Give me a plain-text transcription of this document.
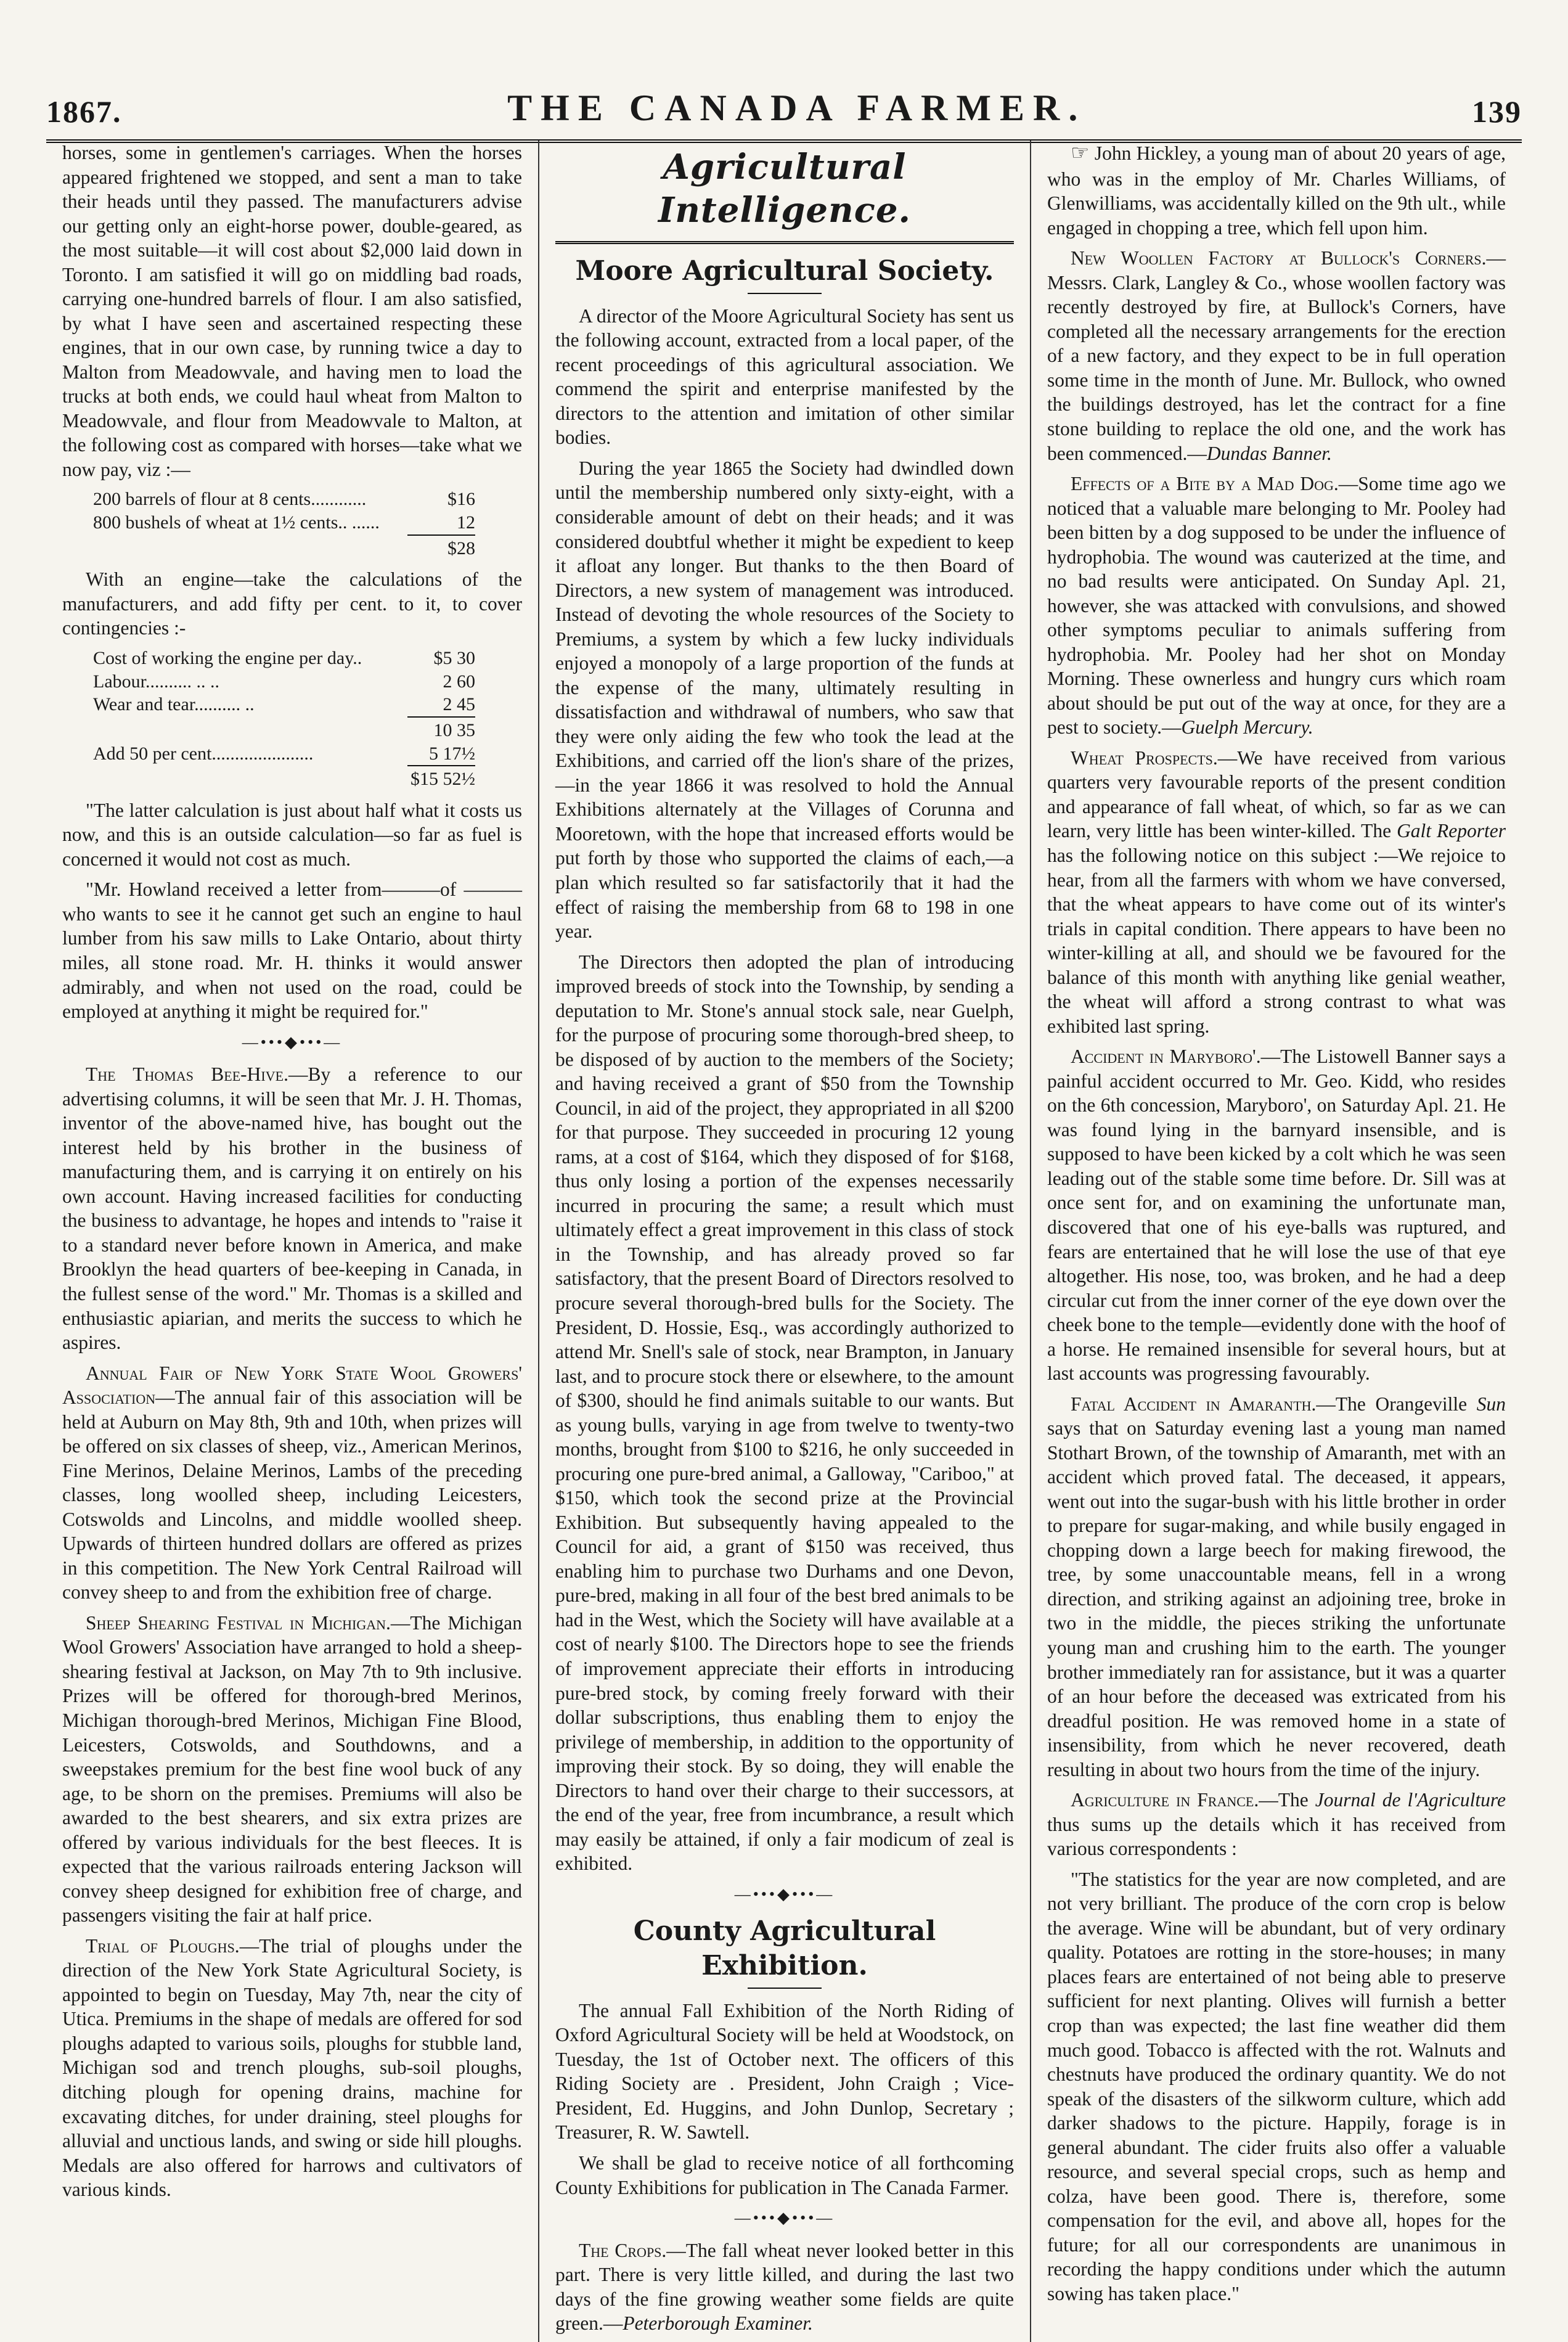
1867.	THE CANADA FARMER.	139

horses, some in gentlemen's carriages. When the horses appeared frightened we stopped, and sent a man to take their heads until they passed. The manufacturers advise our getting only an eight-horse power, double-geared, as the most suitable—it will cost about $2,000 laid down in Toronto. I am satisfied it will go on middling bad roads, carrying one-hundred barrels of flour. I am also satisfied, by what I have seen and ascertained respecting these engines, that in our own case, by running twice a day to Malton from Meadowvale, and having men to load the trucks at both ends, we could haul wheat from Malton to Meadowvale, and flour from Meadowvale to Malton, at the following cost as compared with horses—take what we now pay, viz :—

200 barrels of flour at 8 cents............	$16
800 bushels of wheat at 1½ cents.. ......	12
$28

With an engine—take the calculations of the manufacturers, and add fifty per cent. to it, to cover contingencies :-

Cost of working the engine per day..	$5 30
Labour.......... .. ..	2 60
Wear and tear.......... ..	2 45
10 35
Add 50 per cent......................	5 17½
$15 52½

"The latter calculation is just about half what it costs us now, and this is an outside calculation—so far as fuel is concerned it would not cost as much.

"Mr. Howland received a letter from———of ———who wants to see it he cannot get such an engine to haul lumber from his saw mills to Lake Ontario, about thirty miles, all stone road. Mr. H. thinks it would answer admirably, and when not used on the road, could be employed at anything it might be required for."

—•••◆•••—

The Thomas Bee-Hive.—By a reference to our advertising columns, it will be seen that Mr. J. H. Thomas, inventor of the above-named hive, has bought out the interest held by his brother in the business of manufacturing them, and is carrying it on entirely on his own account. Having increased facilities for conducting the business to advantage, he hopes and intends to "raise it to a standard never before known in America, and make Brooklyn the head quarters of bee-keeping in Canada, in the fullest sense of the word." Mr. Thomas is a skilled and enthusiastic apiarian, and merits the success to which he aspires.

Annual Fair of New York State Wool Growers' Association—The annual fair of this association will be held at Auburn on May 8th, 9th and 10th, when prizes will be offered on six classes of sheep, viz., American Merinos, Fine Merinos, Delaine Merinos, Lambs of the preceding classes, long woolled sheep, including Leicesters, Cotswolds and Lincolns, and middle woolled sheep. Upwards of thirteen hundred dollars are offered as prizes in this competition. The New York Central Railroad will convey sheep to and from the exhibition free of charge.

Sheep Shearing Festival in Michigan.—The Michigan Wool Growers' Association have arranged to hold a sheep-shearing festival at Jackson, on May 7th to 9th inclusive. Prizes will be offered for thorough-bred Merinos, Michigan thorough-bred Merinos, Michigan Fine Blood, Leicesters, Cotswolds, and Southdowns, and a sweepstakes premium for the best fine wool buck of any age, to be shorn on the premises. Premiums will also be awarded to the best shearers, and six extra prizes are offered by various individuals for the best fleeces. It is expected that the various railroads entering Jackson will convey sheep designed for exhibition free of charge, and passengers visiting the fair at half price.

Trial of Ploughs.—The trial of ploughs under the direction of the New York State Agricultural Society, is appointed to begin on Tuesday, May 7th, near the city of Utica. Premiums in the shape of medals are offered for sod ploughs adapted to various soils, ploughs for stubble land, Michigan sod and trench ploughs, sub-soil ploughs, ditching plough for opening drains, machine for excavating ditches, for under draining, steel ploughs for alluvial and unctious lands, and swing or side hill ploughs. Medals are also offered for harrows and cultivators of various kinds.

Agricultural Intelligence.
Moore Agricultural Society.

A director of the Moore Agricultural Society has sent us the following account, extracted from a local paper, of the recent proceedings of this agricultural association. We commend the spirit and enterprise manifested by the directors to the attention and imitation of other similar bodies.

During the year 1865 the Society had dwindled down until the membership numbered only sixty-eight, with a considerable amount of debt on their heads; and it was considered doubtful whether it might be expedient to keep it afloat any longer. But thanks to the then Board of Directors, a new system of management was introduced. Instead of devoting the whole resources of the Society to Premiums, a system by which a few lucky individuals enjoyed a monopoly of a large proportion of the funds at the expense of the many, ultimately resulting in dissatisfaction and withdrawal of numbers, who saw that they were only aiding the few who took the lead at the Exhibitions, and carried off the lion's share of the prizes,—in the year 1866 it was resolved to hold the Annual Exhibitions alternately at the Villages of Corunna and Mooretown, with the hope that increased efforts would be put forth by those who supported the claims of each,—a plan which resulted so far satisfactorily that it had the effect of raising the membership from 68 to 198 in one year.

The Directors then adopted the plan of introducing improved breeds of stock into the Township, by sending a deputation to Mr. Stone's annual stock sale, near Guelph, for the purpose of procuring some thorough-bred sheep, to be disposed of by auction to the members of the Society; and having received a grant of $50 from the Township Council, in aid of the project, they appropriated in all $200 for that purpose. They succeeded in procuring 12 young rams, at a cost of $164, which they disposed of for $168, thus only losing a portion of the expenses necessarily incurred in procuring the same; a result which must ultimately effect a great improvement in this class of stock in the Township, and has already proved so far satisfactory, that the present Board of Directors resolved to procure several thorough-bred bulls for the Society. The President, D. Hossie, Esq., was accordingly authorized to attend Mr. Snell's sale of stock, near Brampton, in January last, and to procure stock there or elsewhere, to the amount of $300, should he find animals suitable to our wants. But as young bulls, varying in age from twelve to twenty-two months, brought from $100 to $216, he only succeeded in procuring one pure-bred animal, a Galloway, "Cariboo," at $150, which took the second prize at the Provincial Exhibition. But subsequently having appealed to the Council for aid, a grant of $150 was received, thus enabling him to purchase two Durhams and one Devon, pure-bred, making in all four of the best bred animals to be had in the West, which the Society will have available at a cost of nearly $100. The Directors hope to see the friends of improvement appreciate their efforts in introducing pure-bred stock, by coming freely forward with their dollar subscriptions, thus enabling them to enjoy the privilege of membership, in addition to the opportunity of improving their stock. By so doing, they will enable the Directors to hand over their charge to their successors, at the end of the year, free from incumbrance, a result which may easily be attained, if only a fair modicum of zeal is exhibited.

—•••◆•••—
County Agricultural Exhibition.

The annual Fall Exhibition of the North Riding of Oxford Agricultural Society will be held at Woodstock, on Tuesday, the 1st of October next. The officers of this Riding Society are . President, John Craigh ; Vice-President, Ed. Huggins, and John Dunlop, Secretary ; Treasurer, R. W. Sawtell.

We shall be glad to receive notice of all forthcoming County Exhibitions for publication in The Canada Farmer.

—•••◆•••—

The Crops.—The fall wheat never looked better in this part. There is very little killed, and during the last two days of the fine growing weather some fields are quite green.—Peterborough Examiner.

☞ John Hickley, a young man of about 20 years of age, who was in the employ of Mr. Charles Williams, of Glenwilliams, was accidentally killed on the 9th ult., while engaged in chopping a tree, which fell upon him.

New Woollen Factory at Bullock's Corners.—Messrs. Clark, Langley & Co., whose woollen factory was recently destroyed by fire, at Bullock's Corners, have completed all the necessary arrangements for the erection of a new factory, and they expect to be in full operation some time in the month of June. Mr. Bullock, who owned the buildings destroyed, has let the contract for a fine stone building to replace the old one, and the work has been commenced.—Dundas Banner.

Effects of a Bite by a Mad Dog.—Some time ago we noticed that a valuable mare belonging to Mr. Pooley had been bitten by a dog supposed to be under the influence of hydrophobia. The wound was cauterized at the time, and no bad results were anticipated. On Sunday Apl. 21, however, she was attacked with convulsions, and showed other symptoms peculiar to animals suffering from hydrophobia. Mr. Pooley had her shot on Monday Morning. These ownerless and hungry curs which roam about should be put out of the way at once, for they are a pest to society.—Guelph Mercury.

Wheat Prospects.—We have received from various quarters very favourable reports of the present condition and appearance of fall wheat, of which, so far as we can learn, very little has been winter-killed. The Galt Reporter has the following notice on this subject :—We rejoice to hear, from all the farmers with whom we have conversed, that the wheat appears to have come out of its winter's trials in capital condition. There appears to have been no winter-killing at all, and should we be favoured for the balance of this month with anything like genial weather, the wheat will afford a strong contrast to what was exhibited last spring.

Accident in Maryboro'.—The Listowell Banner says a painful accident occurred to Mr. Geo. Kidd, who resides on the 6th concession, Maryboro', on Saturday Apl. 21. He was found lying in the barnyard insensible, and is supposed to have been kicked by a colt which he was seen leading out of the stable some time before. Dr. Sill was at once sent for, and on examining the unfortunate man, discovered that one of his eye-balls was ruptured, and fears are entertained that he will lose the use of that eye altogether. His nose, too, was broken, and he had a deep circular cut from the inner corner of the eye down over the cheek bone to the temple—evidently done with the hoof of a horse. He remained insensible for several hours, but at last accounts was progressing favourably.

Fatal Accident in Amaranth.—The Orangeville Sun says that on Saturday evening last a young man named Stothart Brown, of the township of Amaranth, met with an accident which proved fatal. The deceased, it appears, went out into the sugar-bush with his little brother in order to prepare for sugar-making, and while busily engaged in chopping down a large beech for making firewood, the tree, by some unaccountable means, fell in a wrong direction, and striking against an adjoining tree, broke in two in the middle, the pieces striking the unfortunate young man and crushing him to the earth. The younger brother immediately ran for assistance, but it was a quarter of an hour before the deceased was extricated from his dreadful position. He was removed home in a state of insensibility, from which he never recovered, death resulting in about two hours from the time of the injury.

Agriculture in France.—The Journal de l'Agriculture thus sums up the details which it has received from various correspondents :

"The statistics for the year are now completed, and are not very brilliant. The produce of the corn crop is below the average. Wine will be abundant, but of very ordinary quality. Potatoes are rotting in the store-houses; in many places fears are entertained of not being able to preserve sufficient for next planting. Olives will furnish a better crop than was expected; the last fine weather did them much good. Tobacco is affected with the rot. Walnuts and chestnuts have produced the ordinary quantity. We do not speak of the disasters of the silkworm culture, which add darker shadows to the picture. Happily, forage is in general abundant. The cider fruits also offer a valuable resource, and several special crops, such as hemp and colza, have been good. There is, therefore, some compensation for the evil, and above all, hopes for the future; for all our correspondents are unanimous in recording the happy conditions under which the autumn sowing has taken place."
